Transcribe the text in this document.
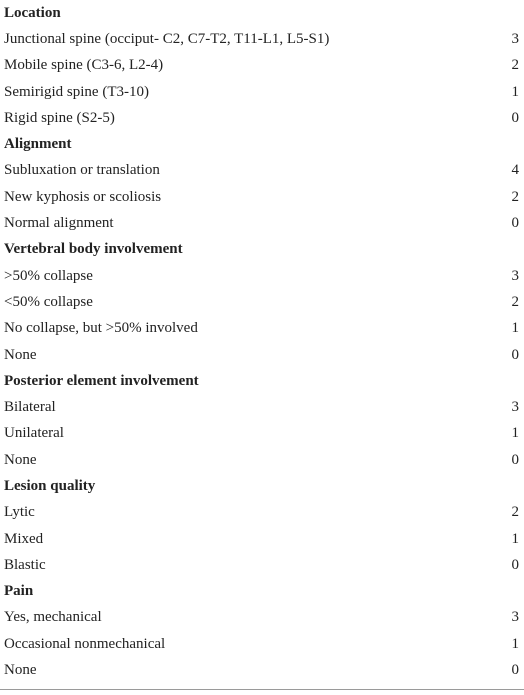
Location
Junctional spine (occiput- C2, C7-T2, T11-L1, L5-S1)	3
Mobile spine (C3-6, L2-4)	2
Semirigid spine (T3-10)	1
Rigid spine (S2-5)	0
Alignment
Subluxation or translation	4
New kyphosis or scoliosis	2
Normal alignment	0
Vertebral body involvement
>50% collapse	3
<50% collapse	2
No collapse, but >50% involved	1
None	0
Posterior element involvement
Bilateral	3
Unilateral	1
None	0
Lesion quality
Lytic	2
Mixed	1
Blastic	0
Pain
Yes, mechanical	3
Occasional nonmechanical	1
None	0
